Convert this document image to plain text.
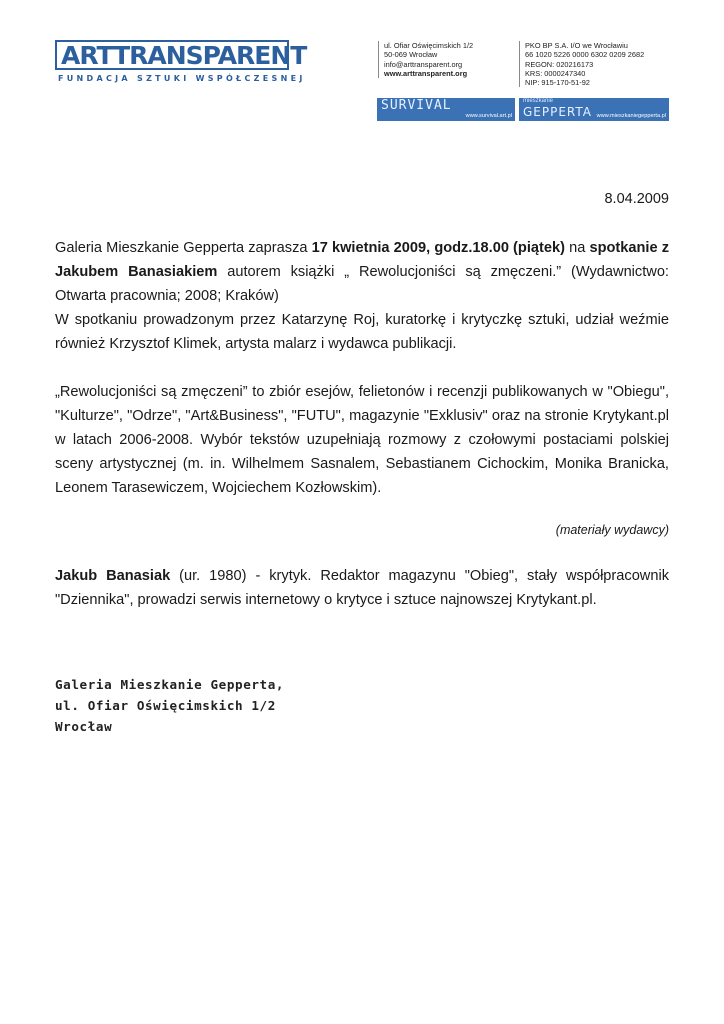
ARTTRANSPARENT
FUNDACJA SZTUKI WSPÓŁCZESNEJ
ul. Ofiar Oświęcimskich 1/2
50-069 Wrocław
info@arttransparent.org
www.arttransparent.org
PKO BP S.A. I/O we Wrocławiu
66 1020 5226 0000 6302 0209 2682
REGON: 020216173
KRS: 0000247340
NIP: 915-170-51-92
SURVIVAL
www.survival.art.pl
mieszkanie
GEPPERTA www.mieszkaniegepperta.pl
8.04.2009
Galeria Mieszkanie Gepperta zaprasza 17 kwietnia 2009, godz.18.00 (piątek) na spotkanie z Jakubem Banasiakiem autorem książki „ Rewolucjoniści są zmęczeni.” (Wydawnictwo: Otwarta pracownia; 2008; Kraków)
W spotkaniu prowadzonym przez Katarzynę Roj, kuratorkę i krytyczkę sztuki, udział weźmie również Krzysztof Klimek, artysta malarz i wydawca publikacji.
„Rewolucjoniści są zmęczeni” to zbiór esejów, felietonów i recenzji publikowanych w "Obiegu", "Kulturze", "Odrze", "Art&Business", "FUTU", magazynie "Exklusiv" oraz na stronie Krytykant.pl w latach 2006-2008. Wybór tekstów uzupełniają rozmowy z czołowymi postaciami polskiej sceny artystycznej (m. in. Wilhelmem Sasnalem, Sebastianem Cichockim, Monika Branicka, Leonem Tarasewiczem, Wojciechem Kozłowskim).
(materiały wydawcy)
Jakub Banasiak (ur. 1980) - krytyk. Redaktor magazynu "Obieg", stały współpracownik "Dziennika", prowadzi serwis internetowy o krytyce i sztuce najnowszej Krytykant.pl.
Galeria Mieszkanie Gepperta,
ul. Ofiar Oświęcimskich 1/2
Wrocław
